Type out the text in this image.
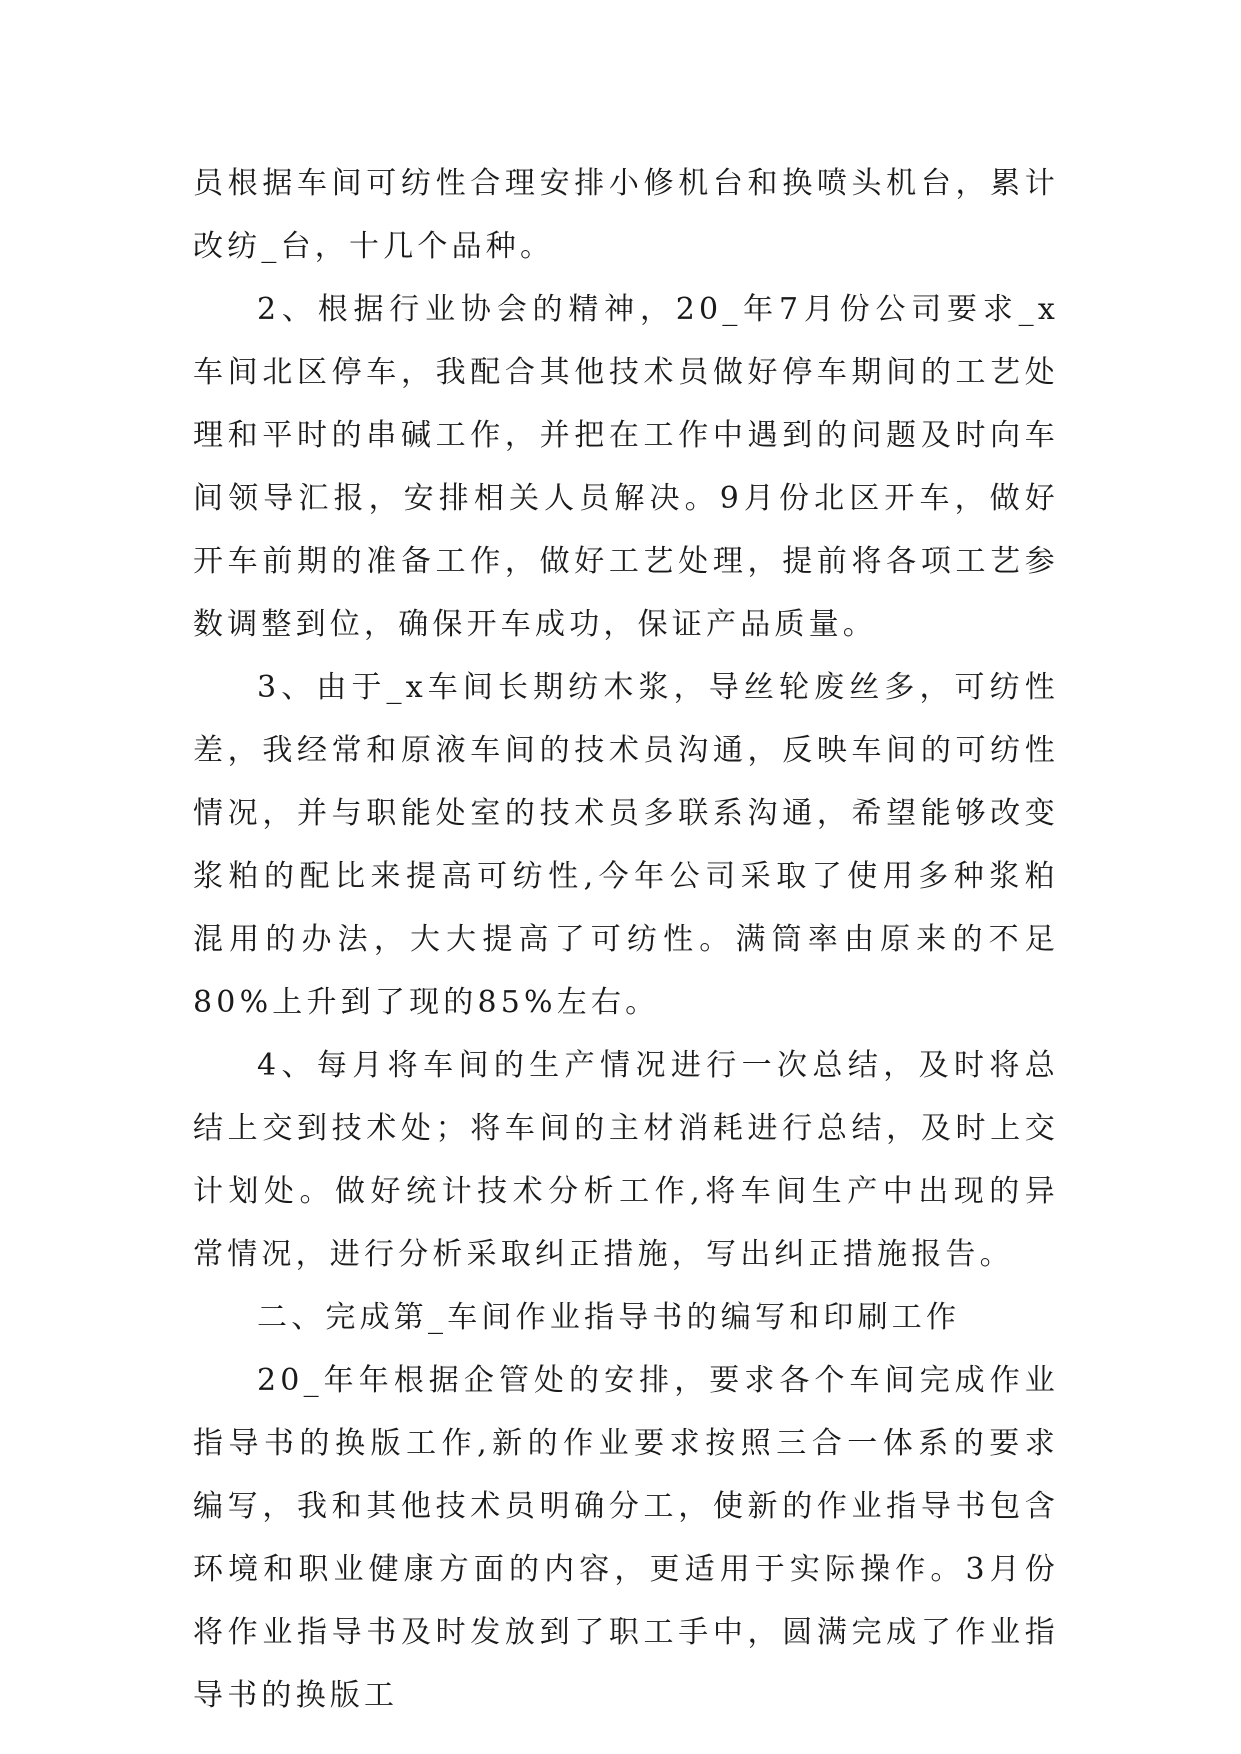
员根据车间可纺性合理安排小修机台和换喷头机台，累计改纺_台，十几个品种。

2、根据行业协会的精神，20_年7月份公司要求_x车间北区停车，我配合其他技术员做好停车期间的工艺处理和平时的串碱工作，并把在工作中遇到的问题及时向车间领导汇报，安排相关人员解决。9月份北区开车，做好开车前期的准备工作，做好工艺处理，提前将各项工艺参数调整到位，确保开车成功，保证产品质量。

3、由于_x车间长期纺木浆，导丝轮废丝多，可纺性差，我经常和原液车间的技术员沟通，反映车间的可纺性情况，并与职能处室的技术员多联系沟通，希望能够改变浆粕的配比来提高可纺性,今年公司采取了使用多种浆粕混用的办法，大大提高了可纺性。满筒率由原来的不足80%上升到了现的85%左右。

4、每月将车间的生产情况进行一次总结，及时将总结上交到技术处；将车间的主材消耗进行总结，及时上交计划处。做好统计技术分析工作,将车间生产中出现的异常情况，进行分析采取纠正措施，写出纠正措施报告。

二、完成第_车间作业指导书的编写和印刷工作

20_年年根据企管处的安排，要求各个车间完成作业指导书的换版工作,新的作业要求按照三合一体系的要求编写，我和其他技术员明确分工，使新的作业指导书包含环境和职业健康方面的内容，更适用于实际操作。3月份将作业指导书及时发放到了职工手中，圆满完成了作业指导书的换版工
